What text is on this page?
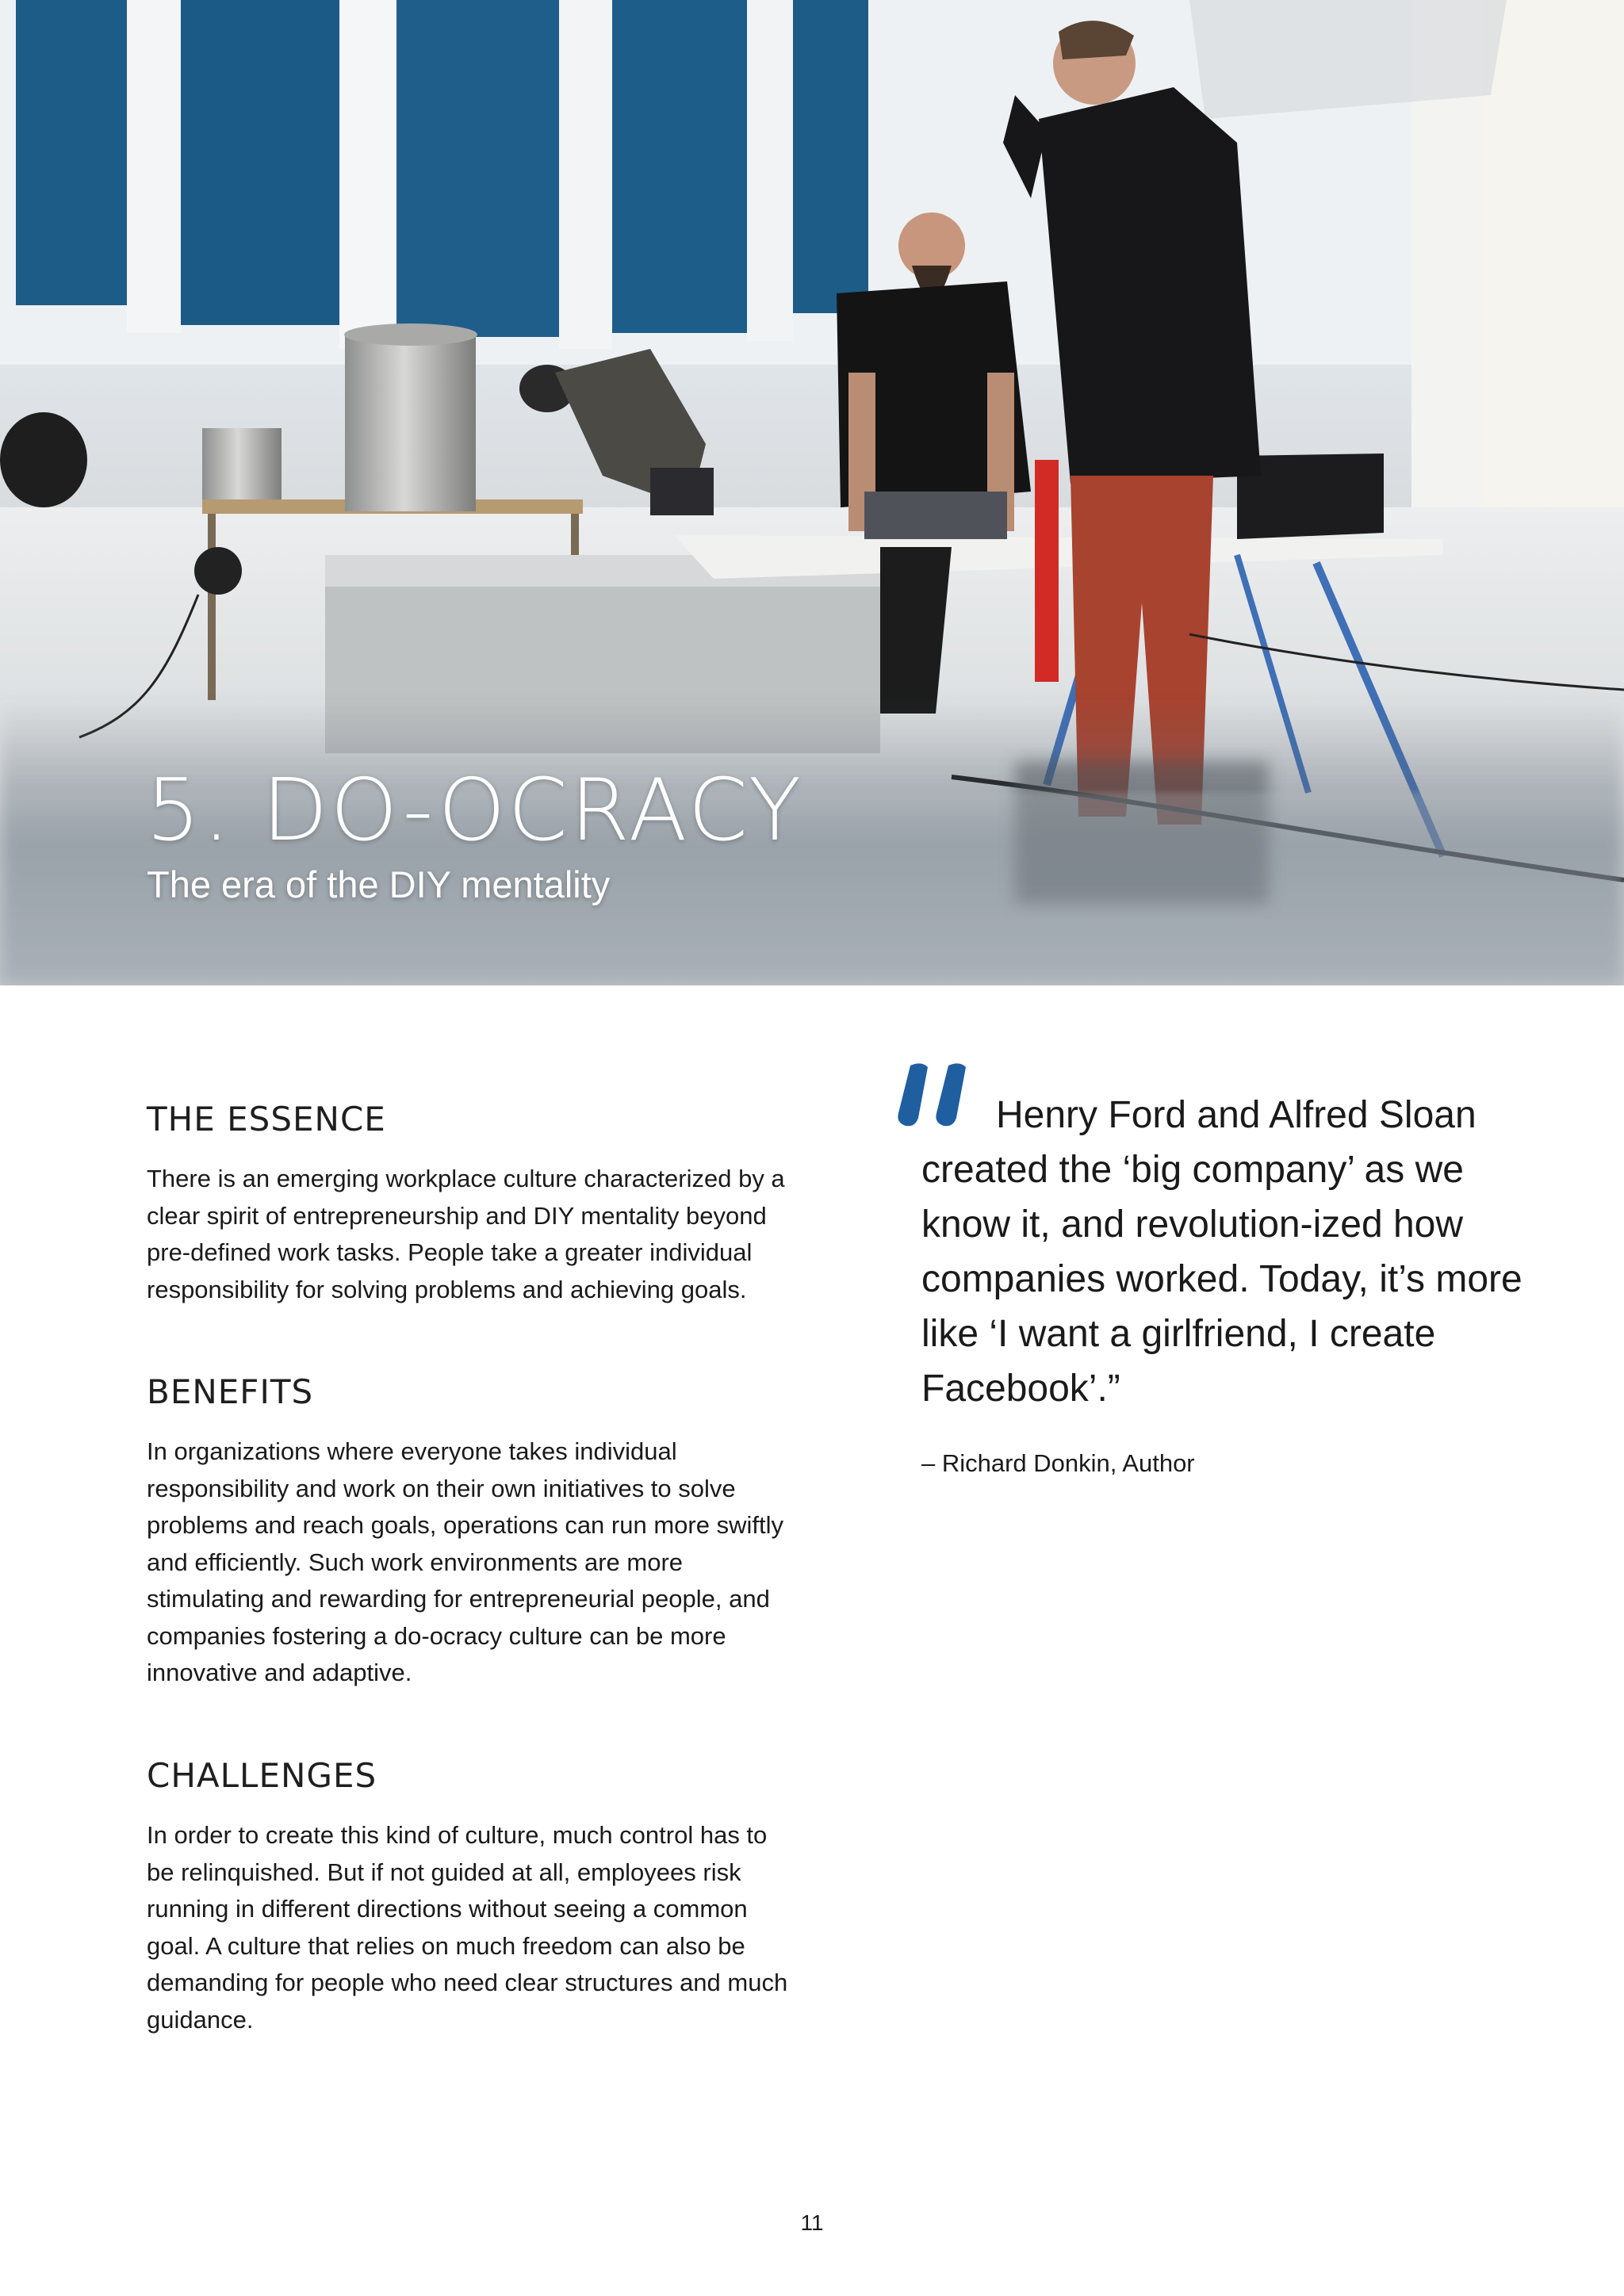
5. DO-OCRACY
The era of the DIY mentality
THE ESSENCE

There is an emerging workplace culture characterized by a clear spirit of entrepreneurship and DIY mentality beyond pre-defined work tasks. People take a greater individual responsibility for solving problems and achieving goals.

BENEFITS

In organizations where everyone takes individual responsibility and work on their own initiatives to solve problems and reach goals, operations can run more swiftly and efficiently. Such work environments are more stimulating and rewarding for entrepreneurial people, and companies fostering a do-ocracy culture can be more innovative and adaptive.

CHALLENGES

In order to create this kind of culture, much control has to be relinquished. But if not guided at all, employees risk running in different directions without seeing a common goal. A culture that relies on much freedom can also be demanding for people who need clear structures and much guidance.

Henry Ford and Alfred Sloan created the ‘big company’ as we know it, and revolution-ized how companies worked. Today, it’s more like ‘I want a girlfriend, I create Facebook’.”
– Richard Donkin, Author
11
